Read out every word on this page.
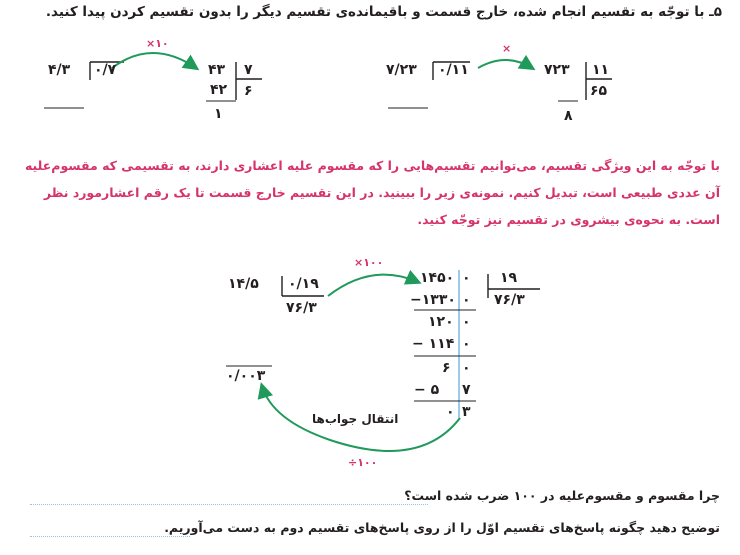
۵ـ با توجّه به تقسیم انجام شده، خارج قسمت و باقیمانده‌ی تقسیم دیگر را بدون تقسیم کردن پیدا کنید.
۴/۳ ۰/۷
×۱۰
۴۳ ۷
۴۲ ۶
۱
۷/۲۳ ۰/۱۱
×
۷۲۳ ۱۱
۶۵
۸
با توجّه به این ویژگی تقسیم، می‌توانیم تقسیم‌هایی را که مقسوم علیه اعشاری دارند، به تقسیمی که مقسوم‌علیه آن عددی طبیعی است، تبدیل کنیم. نمونه‌ی زیر را ببینید. در این تقسیم خارج قسمت تا یک رقم اعشارمورد نظر است. به نحوه‌ی بیشروی در تقسیم نیز توجّه کنید.
۱۴/۵ ۰/۱۹
۷۶/۳
×۱۰۰
۰/۰۰۳
۱۴۵۰ ۰ ۱۹
۷۶/۳
−۱۳۳۰ ۰
۱۲۰ ۰
− ۱۱۴ ۰
۶ ۰
− ۵ ۷
۰ ۳
انتقال جواب‌ها
÷۱۰۰
چرا مقسوم و مقسوم‌علیه در ۱۰۰ ضرب شده است؟
توضیح دهید چگونه پاسخ‌های تقسیم اوّل را از روی پاسخ‌های تقسیم دوم به دست می‌آوریم.
